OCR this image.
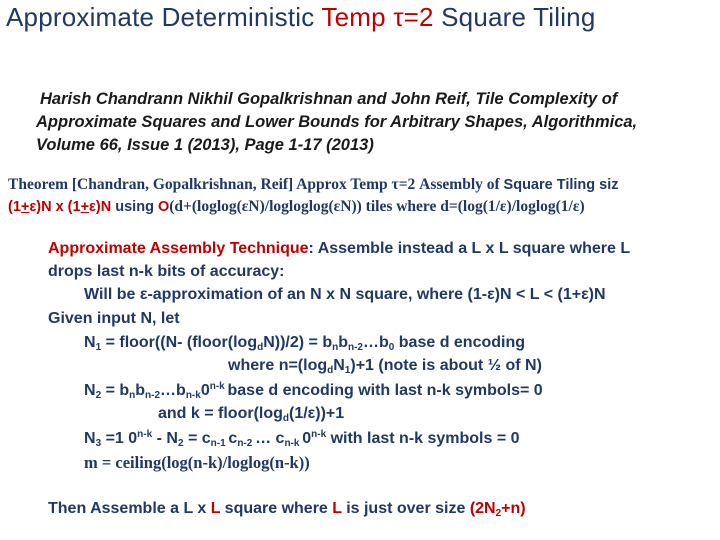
Approximate Deterministic Temp τ=2 Square Tiling
Harish Chandrann Nikhil Gopalkrishnan and John Reif, Tile Complexity of
Approximate Squares and Lower Bounds for Arbitrary Shapes, Algorithmica,
Volume 66, Issue 1 (2013), Page 1-17 (2013)
Theorem [Chandran, Gopalkrishnan, Reif] Approx Temp τ=2 Assembly of Square Tiling siz
(1+ε)N x (1+ε)N using O(d+(loglog(εN)/logloglog(εN)) tiles where d=(log(1/ε)/loglog(1/ε)
Approximate Assembly Technique: Assemble instead a L x L square where L
drops last n-k bits of accuracy:
Will be ε-approximation of an N x N square, where (1-ε)N < L < (1+ε)N
Given input N, let
$N_1$ = floor((N- $(floor(\log_dN))/2$) = $b_nb_{n-2}\dots b_0$ base d encoding
where $n=(\log_dN_1)+1$ (note is about ½ of N)
$N_2$ = $b_nb_{n-2}\dots b_{n-k}0^{n-k}$ base d encoding with last n-k symbols= 0
and $k = floor(\log_d(1/\varepsilon))+1$
$N_3 =1$ $0^{n-k} - N_2 = c_{n-1}$ $c_{n-2}$ … $c_{n-k}$ 0$^{n-k}$ with last n-k symbols = 0
m = ceiling(log(n-k)/loglog(n-k))
Then Assemble a L x L square where L is just over size $(2N_2+n)$
